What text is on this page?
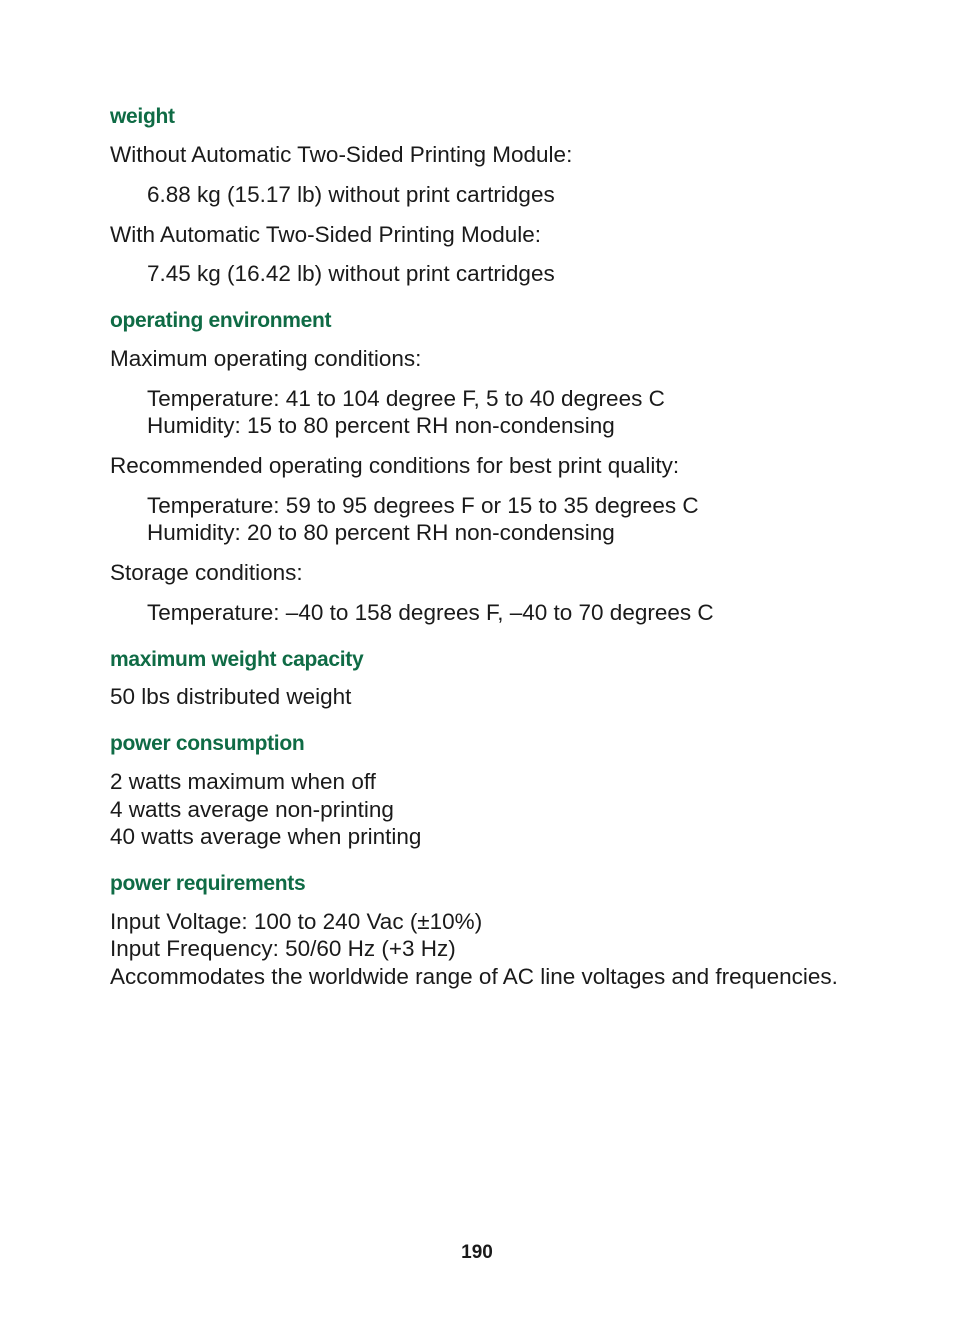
weight
Without Automatic Two-Sided Printing Module:
6.88 kg (15.17 lb) without print cartridges
With Automatic Two-Sided Printing Module:
7.45 kg (16.42 lb) without print cartridges
operating environment
Maximum operating conditions:
Temperature: 41 to 104 degree F, 5 to 40 degrees C
Humidity: 15 to 80 percent RH non-condensing
Recommended operating conditions for best print quality:
Temperature: 59 to 95 degrees F or 15 to 35 degrees C
Humidity: 20 to 80 percent RH non-condensing
Storage conditions:
Temperature: –40 to 158 degrees F, –40 to 70 degrees C
maximum weight capacity
50 lbs distributed weight
power consumption
2 watts maximum when off
4 watts average non-printing
40 watts average when printing
power requirements
Input Voltage: 100 to 240 Vac (±10%)
Input Frequency: 50/60 Hz (+3 Hz)
Accommodates the worldwide range of AC line voltages and frequencies.
190
